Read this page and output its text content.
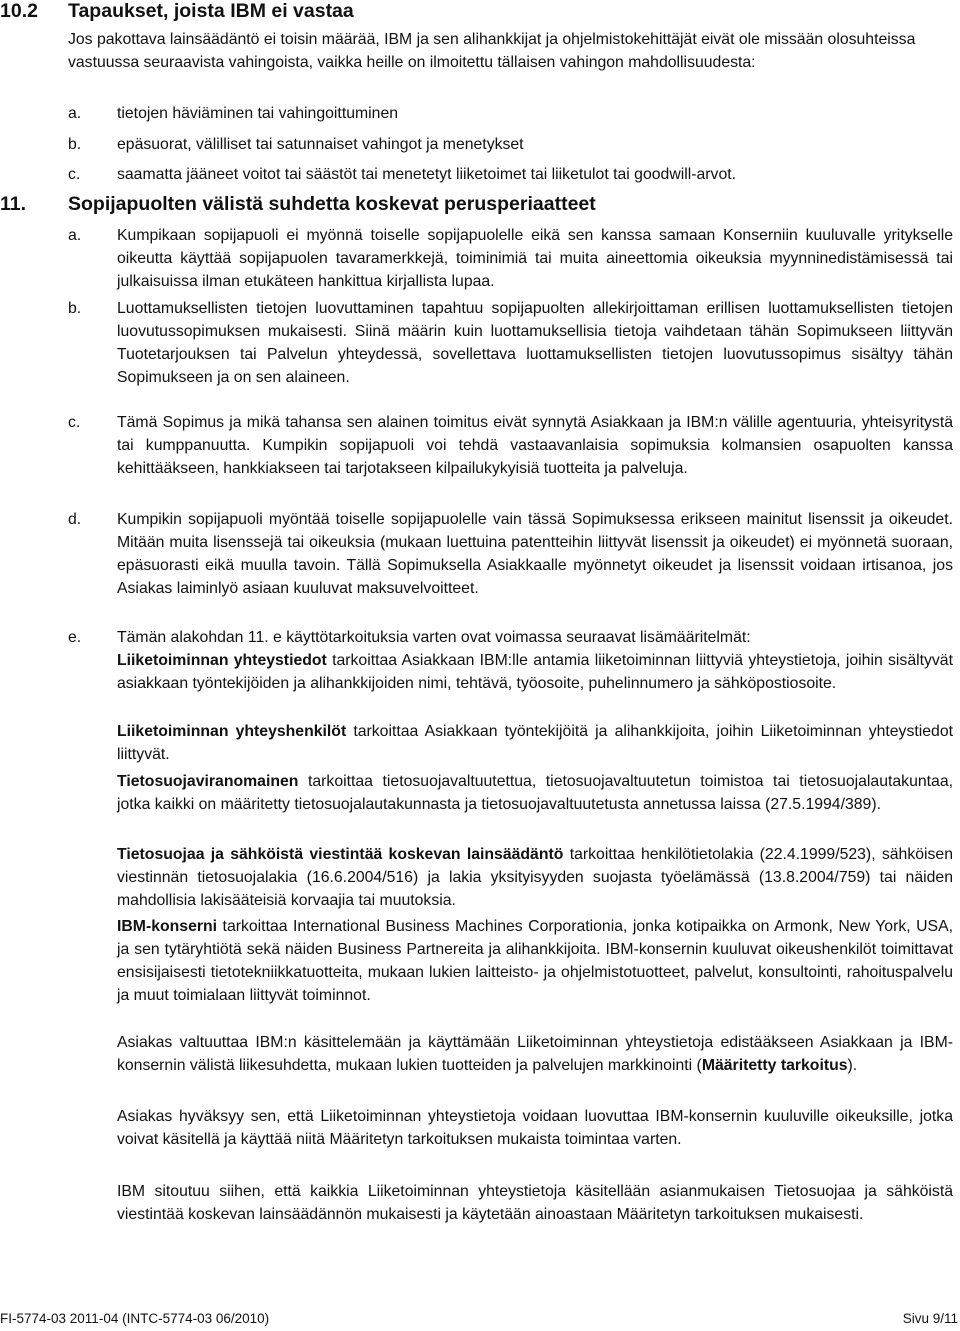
10.2 Tapaukset, joista IBM ei vastaa
Jos pakottava lainsäädäntö ei toisin määrää, IBM ja sen alihankkijat ja ohjelmistokehittäjät eivät ole missään olosuhteissa vastuussa seuraavista vahingoista, vaikka heille on ilmoitettu tällaisen vahingon mahdollisuudesta:
a. tietojen häviäminen tai vahingoittuminen
b. epäsuorat, välilliset tai satunnaiset vahingot ja menetykset
c. saamatta jääneet voitot tai säästöt tai menetetyt liiketoimet tai liiketulot tai goodwill-arvot.
11. Sopijapuolten välistä suhdetta koskevat perusperiaatteet
a. Kumpikaan sopijapuoli ei myönnä toiselle sopijapuolelle eikä sen kanssa samaan Konserniin kuuluvalle yritykselle oikeutta käyttää sopijapuolen tavaramerkkejä, toiminimiä tai muita aineettomia oikeuksia myynninedistämisessä tai julkaisuissa ilman etukäteen hankittua kirjallista lupaa.
b. Luottamuksellisten tietojen luovuttaminen tapahtuu sopijapuolten allekirjoittaman erillisen luottamuksellisten tietojen luovutussopimuksen mukaisesti. Siinä määrin kuin luottamuksellisia tietoja vaihdetaan tähän Sopimukseen liittyvän Tuotetarjouksen tai Palvelun yhteydessä, sovellettava luottamuksellisten tietojen luovutussopimus sisältyy tähän Sopimukseen ja on sen alaineen.
c. Tämä Sopimus ja mikä tahansa sen alainen toimitus eivät synnytä Asiakkaan ja IBM:n välille agentuuria, yhteisyritystä tai kumppanuutta. Kumpikin sopijapuoli voi tehdä vastaavanlaisia sopimuksia kolmansien osapuolten kanssa kehittääkseen, hankkiakseen tai tarjotakseen kilpailukykyisiä tuotteita ja palveluja.
d. Kumpikin sopijapuoli myöntää toiselle sopijapuolelle vain tässä Sopimuksessa erikseen mainitut lisenssit ja oikeudet. Mitään muita lisenssejä tai oikeuksia (mukaan luettuina patentteihin liittyvät lisenssit ja oikeudet) ei myönnetä suoraan, epäsuorasti eikä muulla tavoin. Tällä Sopimuksella Asiakkaalle myönnetyt oikeudet ja lisenssit voidaan irtisanoa, jos Asiakas laiminlyö asiaan kuuluvat maksuvelvoitteet.
e. Tämän alakohdan 11. e käyttötarkoituksia varten ovat voimassa seuraavat lisämääritelmät:
Liiketoiminnan yhteystiedot tarkoittaa Asiakkaan IBM:lle antamia liiketoiminnan liittyviä yhteystietoja, joihin sisältyvät asiakkaan työntekijöiden ja alihankkijoiden nimi, tehtävä, työosoite, puhelinnumero ja sähköpostiosoite.
Liiketoiminnan yhteyshenkilöt tarkoittaa Asiakkaan työntekijöitä ja alihankkijoita, joihin Liiketoiminnan yhteystiedot liittyvät.
Tietosuojaviranomainen tarkoittaa tietosuojavaltuutettua, tietosuojavaltuutetun toimistoa tai tietosuojalautakuntaa, jotka kaikki on määritetty tietosuojalautakunnasta ja tietosuojavaltuutetusta annetussa laissa (27.5.1994/389).
Tietosuojaa ja sähköistä viestintää koskevan lainsäädäntö tarkoittaa henkilötietolakia (22.4.1999/523), sähköisen viestinnän tietosuojalakia (16.6.2004/516) ja lakia yksityisyyden suojasta työelämässä (13.8.2004/759) tai näiden mahdollisia lakisääteisiä korvaajia tai muutoksia.
IBM-konserni tarkoittaa International Business Machines Corporationia, jonka kotipaikka on Armonk, New York, USA, ja sen tytäryhtiötä sekä näiden Business Partnereita ja alihankkijoita. IBM-konsernin kuuluvat oikeushenkilöt toimittavat ensisijaisesti tietotekniikkatuotteita, mukaan lukien laitteisto- ja ohjelmistotuotteet, palvelut, konsultointi, rahoituspalvelu ja muut toimialaan liittyvät toiminnot.
Asiakas valtuuttaa IBM:n käsittelemään ja käyttämään Liiketoiminnan yhteystietoja edistääkseen Asiakkaan ja IBM-konsernin välistä liikesuhdetta, mukaan lukien tuotteiden ja palvelujen markkinointi (Määritetty tarkoitus).
Asiakas hyväksyy sen, että Liiketoiminnan yhteystietoja voidaan luovuttaa IBM-konsernin kuuluville oikeuksille, jotka voivat käsitellä ja käyttää niitä Määritetyn tarkoituksen mukaista toimintaa varten.
IBM sitoutuu siihen, että kaikkia Liiketoiminnan yhteystietoja käsitellään asianmukaisen Tietosuojaa ja sähköistä viestintää koskevan lainsäädännön mukaisesti ja käytetään ainoastaan Määritetyn tarkoituksen mukaisesti.
FI-5774-03 2011-04 (INTC-5774-03 06/2010)	Sivu 9/11
